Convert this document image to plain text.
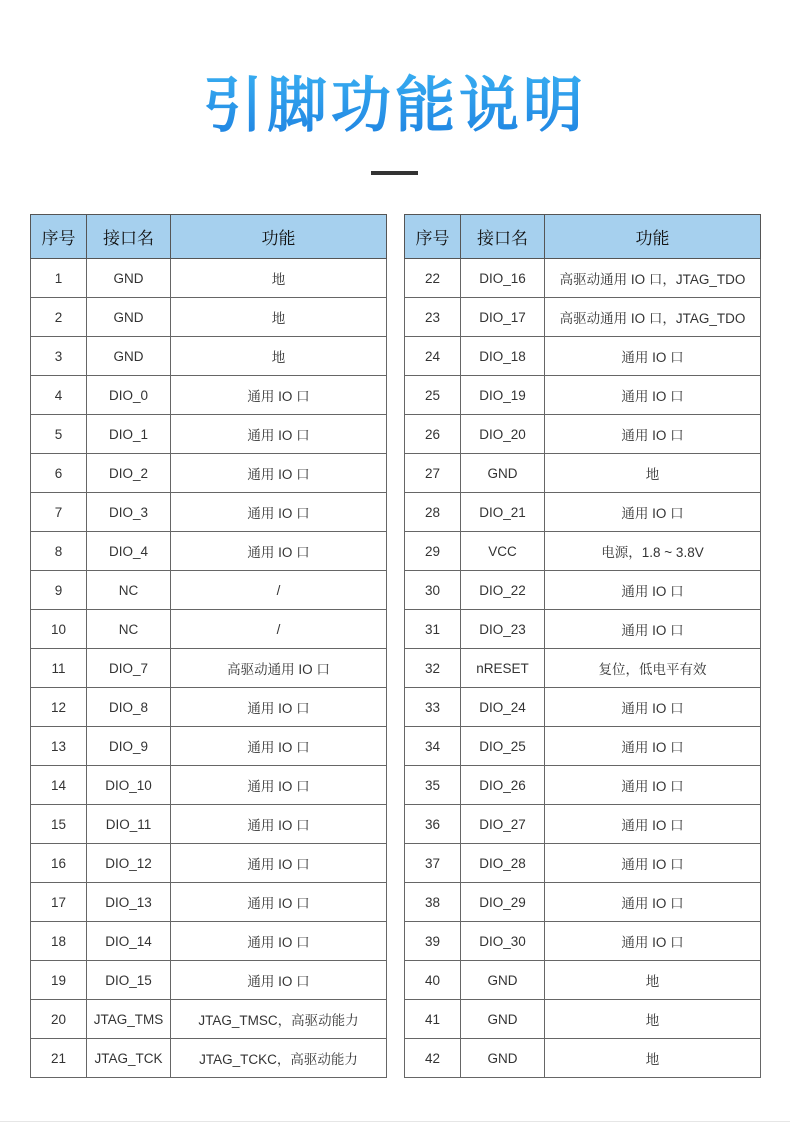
引脚功能说明
序号	接口名	功能
1	GND	地
2	GND	地
3	GND	地
4	DIO_0	通用 IO 口
5	DIO_1	通用 IO 口
6	DIO_2	通用 IO 口
7	DIO_3	通用 IO 口
8	DIO_4	通用 IO 口
9	NC	/
10	NC	/
11	DIO_7	高驱动通用 IO 口
12	DIO_8	通用 IO 口
13	DIO_9	通用 IO 口
14	DIO_10	通用 IO 口
15	DIO_11	通用 IO 口
16	DIO_12	通用 IO 口
17	DIO_13	通用 IO 口
18	DIO_14	通用 IO 口
19	DIO_15	通用 IO 口
20	JTAG_TMS	JTAG_TMSC，高驱动能力
21	JTAG_TCK	JTAG_TCKC，高驱动能力
序号	接口名	功能
22	DIO_16	高驱动通用 IO 口，JTAG_TDO
23	DIO_17	高驱动通用 IO 口，JTAG_TDO
24	DIO_18	通用 IO 口
25	DIO_19	通用 IO 口
26	DIO_20	通用 IO 口
27	GND	地
28	DIO_21	通用 IO 口
29	VCC	电源，1.8 ~ 3.8V
30	DIO_22	通用 IO 口
31	DIO_23	通用 IO 口
32	nRESET	复位，低电平有效
33	DIO_24	通用 IO 口
34	DIO_25	通用 IO 口
35	DIO_26	通用 IO 口
36	DIO_27	通用 IO 口
37	DIO_28	通用 IO 口
38	DIO_29	通用 IO 口
39	DIO_30	通用 IO 口
40	GND	地
41	GND	地
42	GND	地
